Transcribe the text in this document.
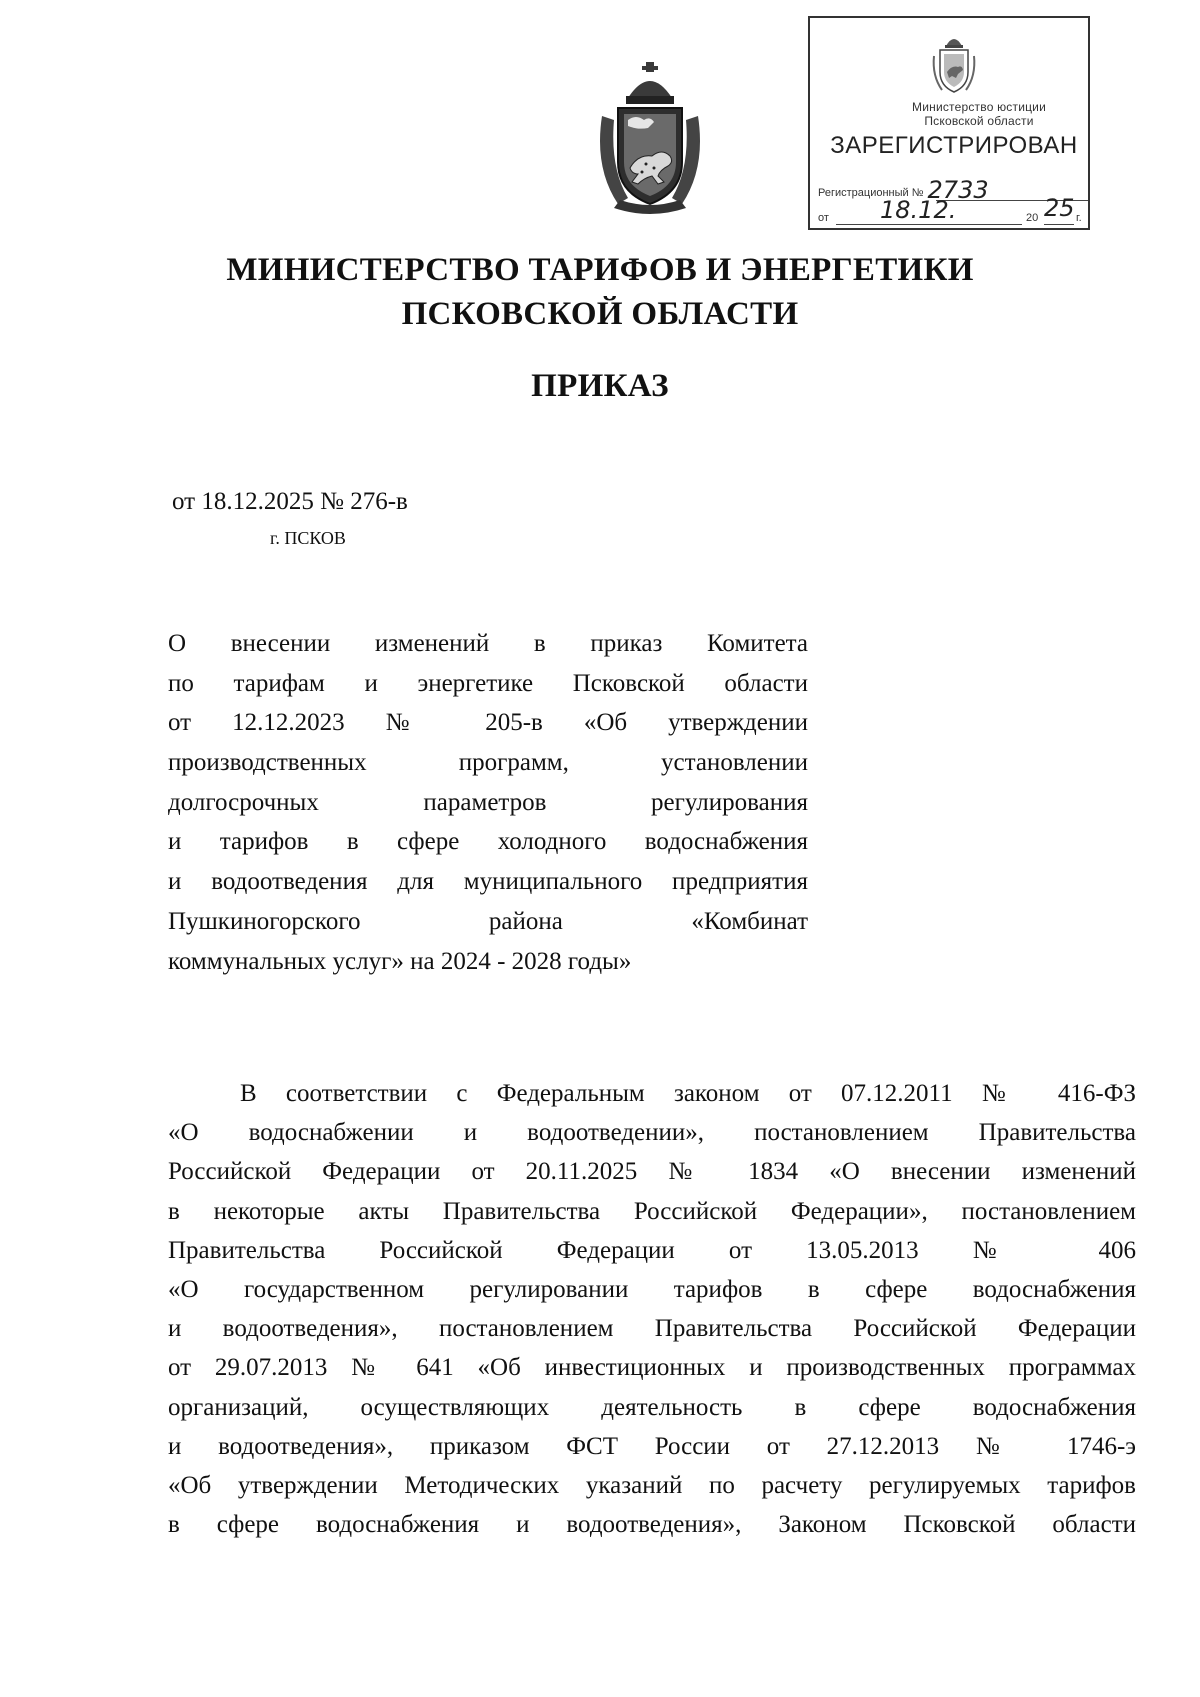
Министерство юстиции
Псковской области
ЗАРЕГИСТРИРОВАН
Регистрационный № 2733
от 18.12.	20 25 г.
МИНИСТЕРСТВО ТАРИФОВ И ЭНЕРГЕТИКИ
ПСКОВСКОЙ ОБЛАСТИ
ПРИКАЗ
от 18.12.2025 № 276-в
г. ПСКОВ
О внесении изменений в приказ Комитета
по тарифам и энергетике Псковской области
от 12.12.2023 № 205-в «Об утверждении
производственных программ, установлении
долгосрочных параметров регулирования
и тарифов в сфере холодного водоснабжения
и водоотведения для муниципального предприятия
Пушкиногорского района «Комбинат
коммунальных услуг» на 2024 - 2028 годы»
В соответствии с Федеральным законом от 07.12.2011 № 416-ФЗ
«О водоснабжении и водоотведении», постановлением Правительства
Российской Федерации от 20.11.2025 № 1834 «О внесении изменений
в некоторые акты Правительства Российской Федерации», постановлением
Правительства Российской Федерации от 13.05.2013 № 406
«О государственном регулировании тарифов в сфере водоснабжения
и водоотведения», постановлением Правительства Российской Федерации
от 29.07.2013 № 641 «Об инвестиционных и производственных программах
организаций, осуществляющих деятельность в сфере водоснабжения
и водоотведения», приказом ФСТ России от 27.12.2013 № 1746-э
«Об утверждении Методических указаний по расчету регулируемых тарифов
в сфере водоснабжения и водоотведения», Законом Псковской области
